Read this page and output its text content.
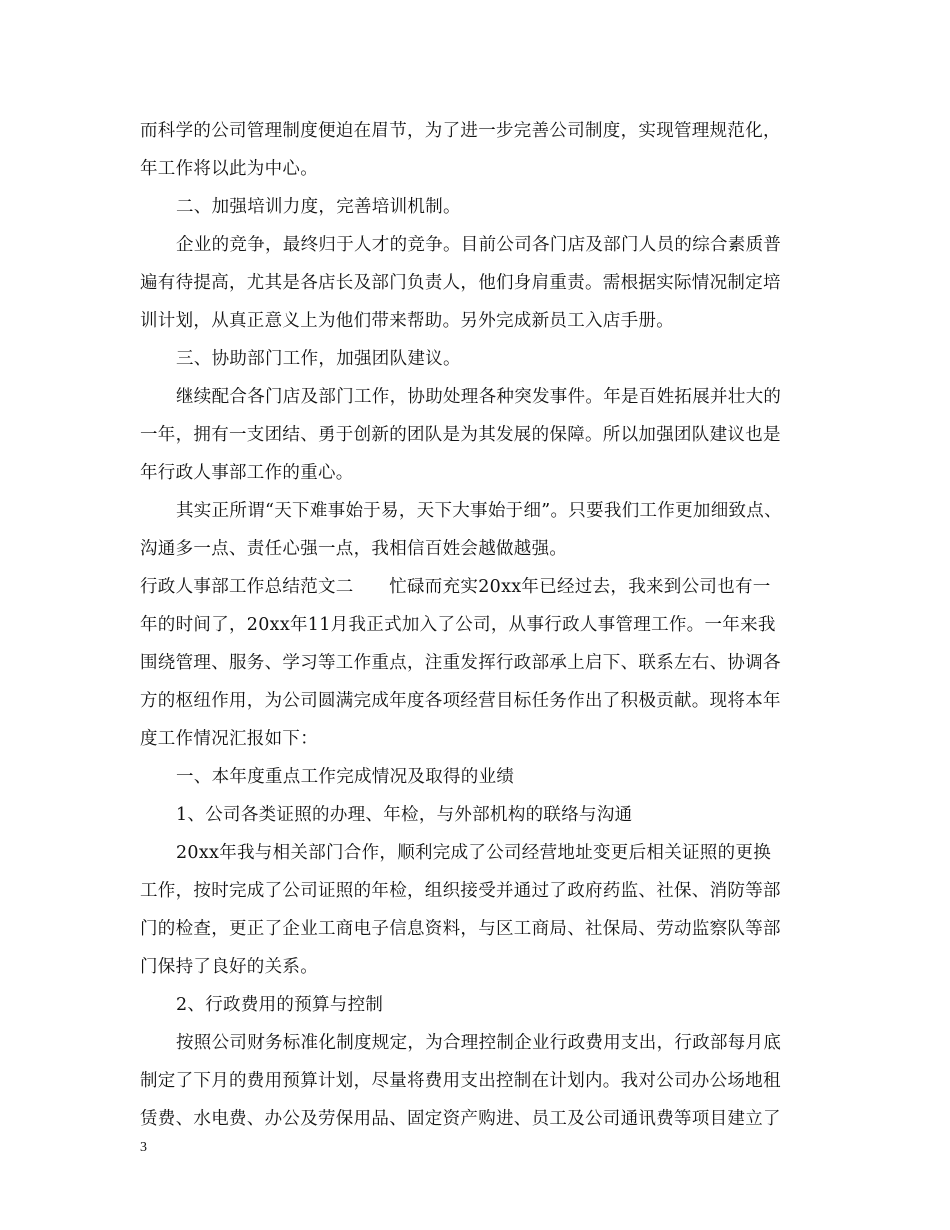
而科学的公司管理制度便迫在眉节，为了进一步完善公司制度，实现管理规范化，
年工作将以此为中心。
二、加强培训力度，完善培训机制。
企业的竞争，最终归于人才的竞争。目前公司各门店及部门人员的综合素质普
遍有待提高，尤其是各店长及部门负责人，他们身肩重责。需根据实际情况制定培
训计划，从真正意义上为他们带来帮助。另外完成新员工入店手册。
三、协助部门工作，加强团队建议。
继续配合各门店及部门工作，协助处理各种突发事件。年是百姓拓展并壮大的
一年，拥有一支团结、勇于创新的团队是为其发展的保障。所以加强团队建议也是
年行政人事部工作的重心。
其实正所谓“天下难事始于易，天下大事始于细”。只要我们工作更加细致点、
沟通多一点、责任心强一点，我相信百姓会越做越强。
行政人事部工作总结范文二　　忙碌而充实20xx年已经过去，我来到公司也有一
年的时间了，20xx年11月我正式加入了公司，从事行政人事管理工作。一年来我
围绕管理、服务、学习等工作重点，注重发挥行政部承上启下、联系左右、协调各
方的枢纽作用，为公司圆满完成年度各项经营目标任务作出了积极贡献。现将本年
度工作情况汇报如下：
一、本年度重点工作完成情况及取得的业绩
1、公司各类证照的办理、年检，与外部机构的联络与沟通
20xx年我与相关部门合作，顺利完成了公司经营地址变更后相关证照的更换
工作，按时完成了公司证照的年检，组织接受并通过了政府药监、社保、消防等部
门的检查，更正了企业工商电子信息资料，与区工商局、社保局、劳动监察队等部
门保持了良好的关系。
2、行政费用的预算与控制
按照公司财务标准化制度规定，为合理控制企业行政费用支出，行政部每月底
制定了下月的费用预算计划，尽量将费用支出控制在计划内。我对公司办公场地租
赁费、水电费、办公及劳保用品、固定资产购进、员工及公司通讯费等项目建立了
3
